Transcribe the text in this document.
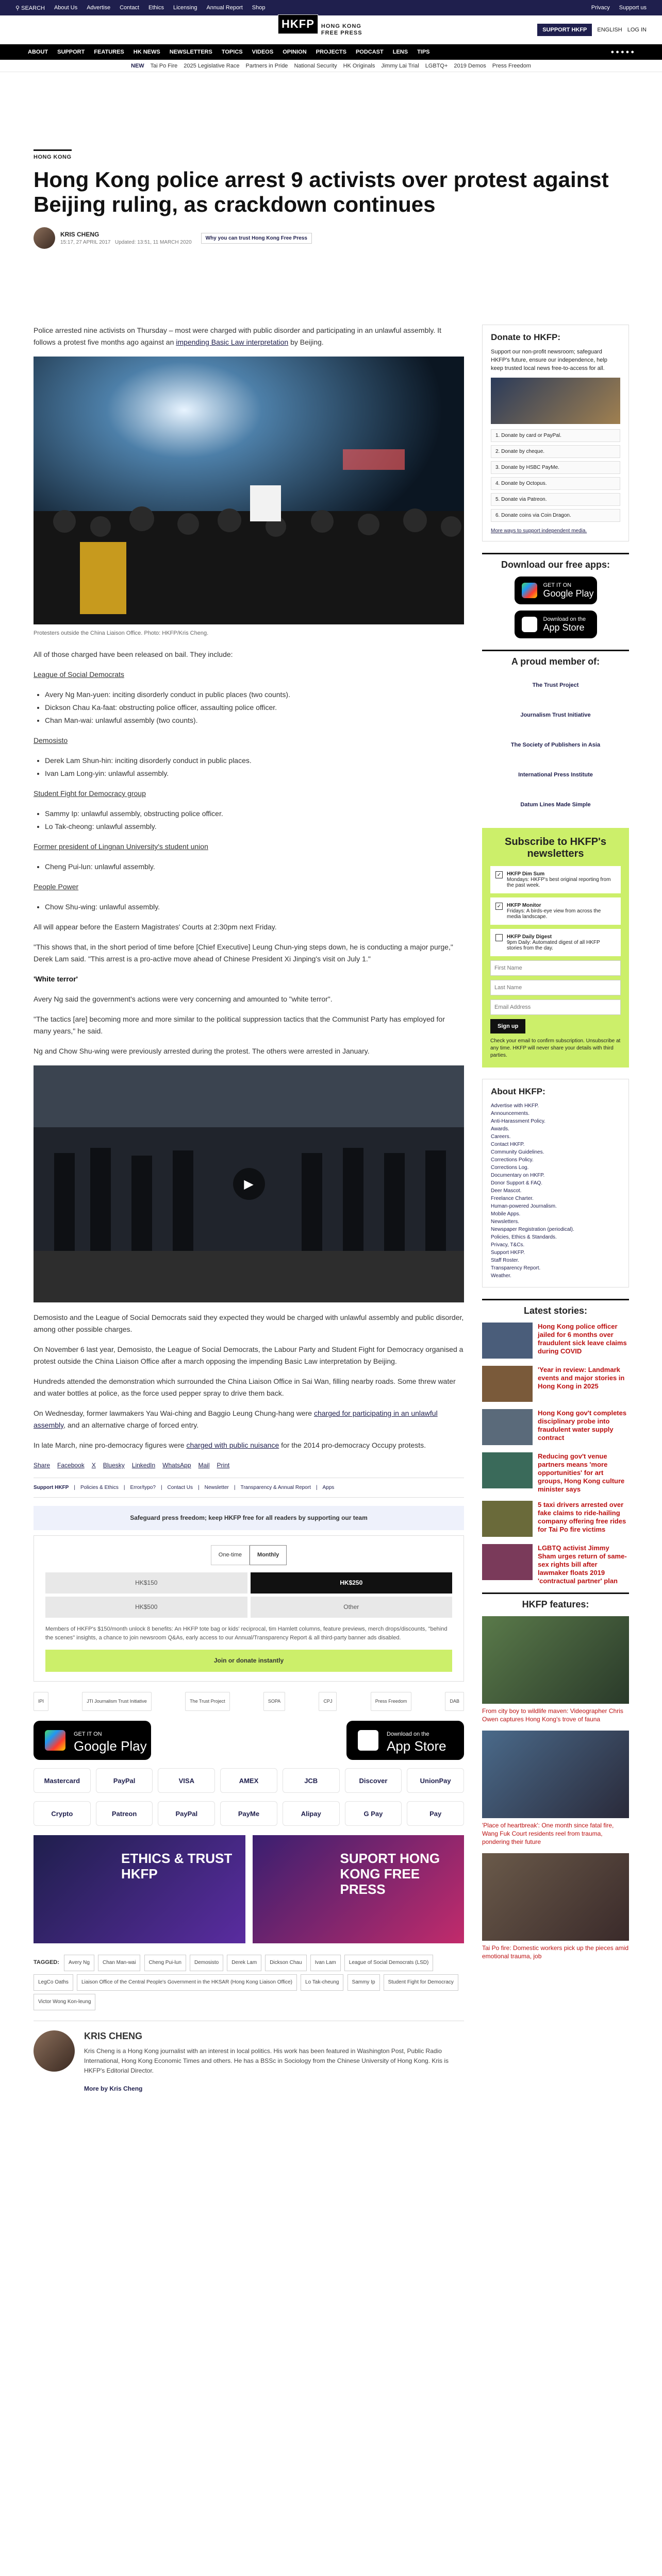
⚲ SEARCH About Us Advertise Contact Ethics Licensing Annual Report Shop	Privacy Support us
HKFP	HONG KONG
FREE PRESS	SUPPORT HKFP	ENGLISH LOG IN
ABOUT	SUPPORT	FEATURES	HK NEWS	NEWSLETTERS	TOPICS	VIDEOS	OPINION	PROJECTS	PODCAST	LENS	TIPS	● ● ● ● ●
NEW Tai Po Fire 2025 Legislative Race Partners in Pride National Security HK Originals Jimmy Lai Trial LGBTQ+ 2019 Demos Press Freedom
HONG KONG
Hong Kong police arrest 9 activists over protest against Beijing ruling, as crackdown continues
KRIS CHENG
15:17, 27 APRIL 2017 Updated: 13:51, 11 MARCH 2020
Why you can trust Hong Kong Free Press

Police arrested nine activists on Thursday – most were charged with public disorder and participating in an unlawful assembly. It follows a protest five months ago against an impending Basic Law interpretation by Beijing.

Protesters outside the China Liaison Office. Photo: HKFP/Kris Cheng.

All of those charged have been released on bail. They include:

League of Social Democrats

• Avery Ng Man-yuen: inciting disorderly conduct in public places (two counts).
• Dickson Chau Ka-faat: obstructing police officer, assaulting police officer.
• Chan Man-wai: unlawful assembly (two counts).

Demosisto

• Derek Lam Shun-hin: inciting disorderly conduct in public places.
• Ivan Lam Long-yin: unlawful assembly.

Student Fight for Democracy group

• Sammy Ip: unlawful assembly, obstructing police officer.
• Lo Tak-cheong: unlawful assembly.

Former president of Lingnan University's student union

• Cheng Pui-lun: unlawful assembly.

People Power

• Chow Shu-wing: unlawful assembly.

All will appear before the Eastern Magistrates' Courts at 2:30pm next Friday.

"This shows that, in the short period of time before [Chief Executive] Leung Chun-ying steps down, he is conducting a major purge," Derek Lam said. "This arrest is a pro-active move ahead of Chinese President Xi Jinping's visit on July 1."

'White terror'

Avery Ng said the government's actions were very concerning and amounted to "white terror".

"The tactics [are] becoming more and more similar to the political suppression tactics that the Communist Party has employed for many years," he said.

Ng and Chow Shu-wing were previously arrested during the protest. The others were arrested in January.

▶

Demosisto and the League of Social Democrats said they expected they would be charged with unlawful assembly and public disorder, among other possible charges.

On November 6 last year, Demosisto, the League of Social Democrats, the Labour Party and Student Fight for Democracy organised a protest outside the China Liaison Office after a march opposing the impending Basic Law interpretation by Beijing.

Hundreds attended the demonstration which surrounded the China Liaison Office in Sai Wan, filling nearby roads. Some threw water and water bottles at police, as the force used pepper spray to drive them back.

On Wednesday, former lawmakers Yau Wai-ching and Baggio Leung Chung-hang were charged for participating in an unlawful assembly, and an alternative charge of forced entry.

In late March, nine pro-democracy figures were charged with public nuisance for the 2014 pro-democracy Occupy protests.

Share Facebook X Bluesky LinkedIn WhatsApp Mail Print
Support HKFP | Policies & Ethics | Error/typo? | Contact Us | Newsletter | Transparency & Annual Report | Apps
Safeguard press freedom; keep HKFP free for all readers by supporting our team
One-time	Monthly
HK$150	HK$250
HK$500	Other
Members of HKFP's $150/month unlock 8 benefits: An HKFP tote bag or kids' reciprocal, tim Hamlett columns, feature previews, merch drops/discounts, "behind the scenes" insights, a chance to join newsroom Q&As, early access to our Annual/Transparency Report & all third-party banner ads disabled.
Join or donate instantly
IPI	JTI Journalism Trust Initiative	The Trust Project	SOPA	CPJ	Press Freedom	DAB
GET IT ON
Google Play
Download on the
App Store
Mastercard	PayPal	VISA	AMEX	JCB	Discover	UnionPay
Crypto	Patreon	PayPal	PayMe	Alipay	G Pay	Pay
ETHICS & TRUST HKFP
SUPORT HONG KONG FREE PRESS
TAGGED: Avery Ng	Chan Man-wai	Cheng Pui-lun	Demosisto	Derek Lam	Dickson Chau	Ivan Lam	League of Social Democrats (LSD) LegCo Oaths	Liaison Office of the Central People's Government in the HKSAR (Hong Kong Liaison Office)	Lo Tak-cheung	Sammy Ip	Student Fight for Democracy Victor Wong Kon-leung
KRIS CHENG

Kris Cheng is a Hong Kong journalist with an interest in local politics. His work has been featured in Washington Post, Public Radio International, Hong Kong Economic Times and others. He has a BSSc in Sociology from the Chinese University of Hong Kong. Kris is HKFP's Editorial Director.

More by Kris Cheng

Donate to HKFP:

Support our non-profit newsroom; safeguard HKFP's future, ensure our independence, help keep trusted local news free-to-access for all.

1. Donate by card or PayPal.
2. Donate by cheque.
3. Donate by HSBC PayMe.
4. Donate by Octopus.
5. Donate via Patreon.
6. Donate coins via Coin Dragon.
More ways to support independent media.
Download our free apps:
GET IT ON
Google Play
Download on the
App Store
A proud member of:
The Trust Project
Journalism Trust Initiative
The Society of Publishers in Asia
International Press Institute
Datum Lines Made Simple
Subscribe to HKFP's newsletters
✓ HKFP Dim Sum
Mondays: HKFP's best original reporting from the past week.
✓ HKFP Monitor
Fridays: A birds-eye view from across the media landscape.
HKFP Daily Digest
9pm Daily: Automated digest of all HKFP stories from the day.
First Name Last Name Email Address Sign up

Check your email to confirm subscription. Unsubscribe at any time. HKFP will never share your details with third parties.

About HKFP:
Advertise with HKFP.
Announcements.
Anti-Harassment Policy.
Awards.
Careers.
Contact HKFP.
Community Guidelines.
Corrections Policy.
Corrections Log.
Documentary on HKFP.
Donor Support & FAQ.
Deer Mascot.
Freelance Charter.
Human-powered Journalism.
Mobile Apps.
Newsletters.
Newspaper Registration (periodical).
Policies, Ethics & Standards.
Privacy, T&Cs.
Support HKFP.
Staff Roster.
Transparency Report.
Weather.
Latest stories:
Hong Kong police officer jailed for 6 months over fraudulent sick leave claims during COVID
'Year in review: Landmark events and major stories in Hong Kong in 2025
Hong Kong gov't completes disciplinary probe into fraudulent water supply contract
Reducing gov't venue partners means 'more opportunities' for art groups, Hong Kong culture minister says
5 taxi drivers arrested over fake claims to ride-hailing company offering free rides for Tai Po fire victims
LGBTQ activist Jimmy Sham urges return of same-sex rights bill after lawmaker floats 2019 'contractual partner' plan
HKFP features:
From city boy to wildlife maven: Videographer Chris Owen captures Hong Kong's trove of fauna
'Place of heartbreak': One month since fatal fire, Wang Fuk Court residents reel from trauma, pondering their future
Tai Po fire: Domestic workers pick up the pieces amid emotional trauma, job
